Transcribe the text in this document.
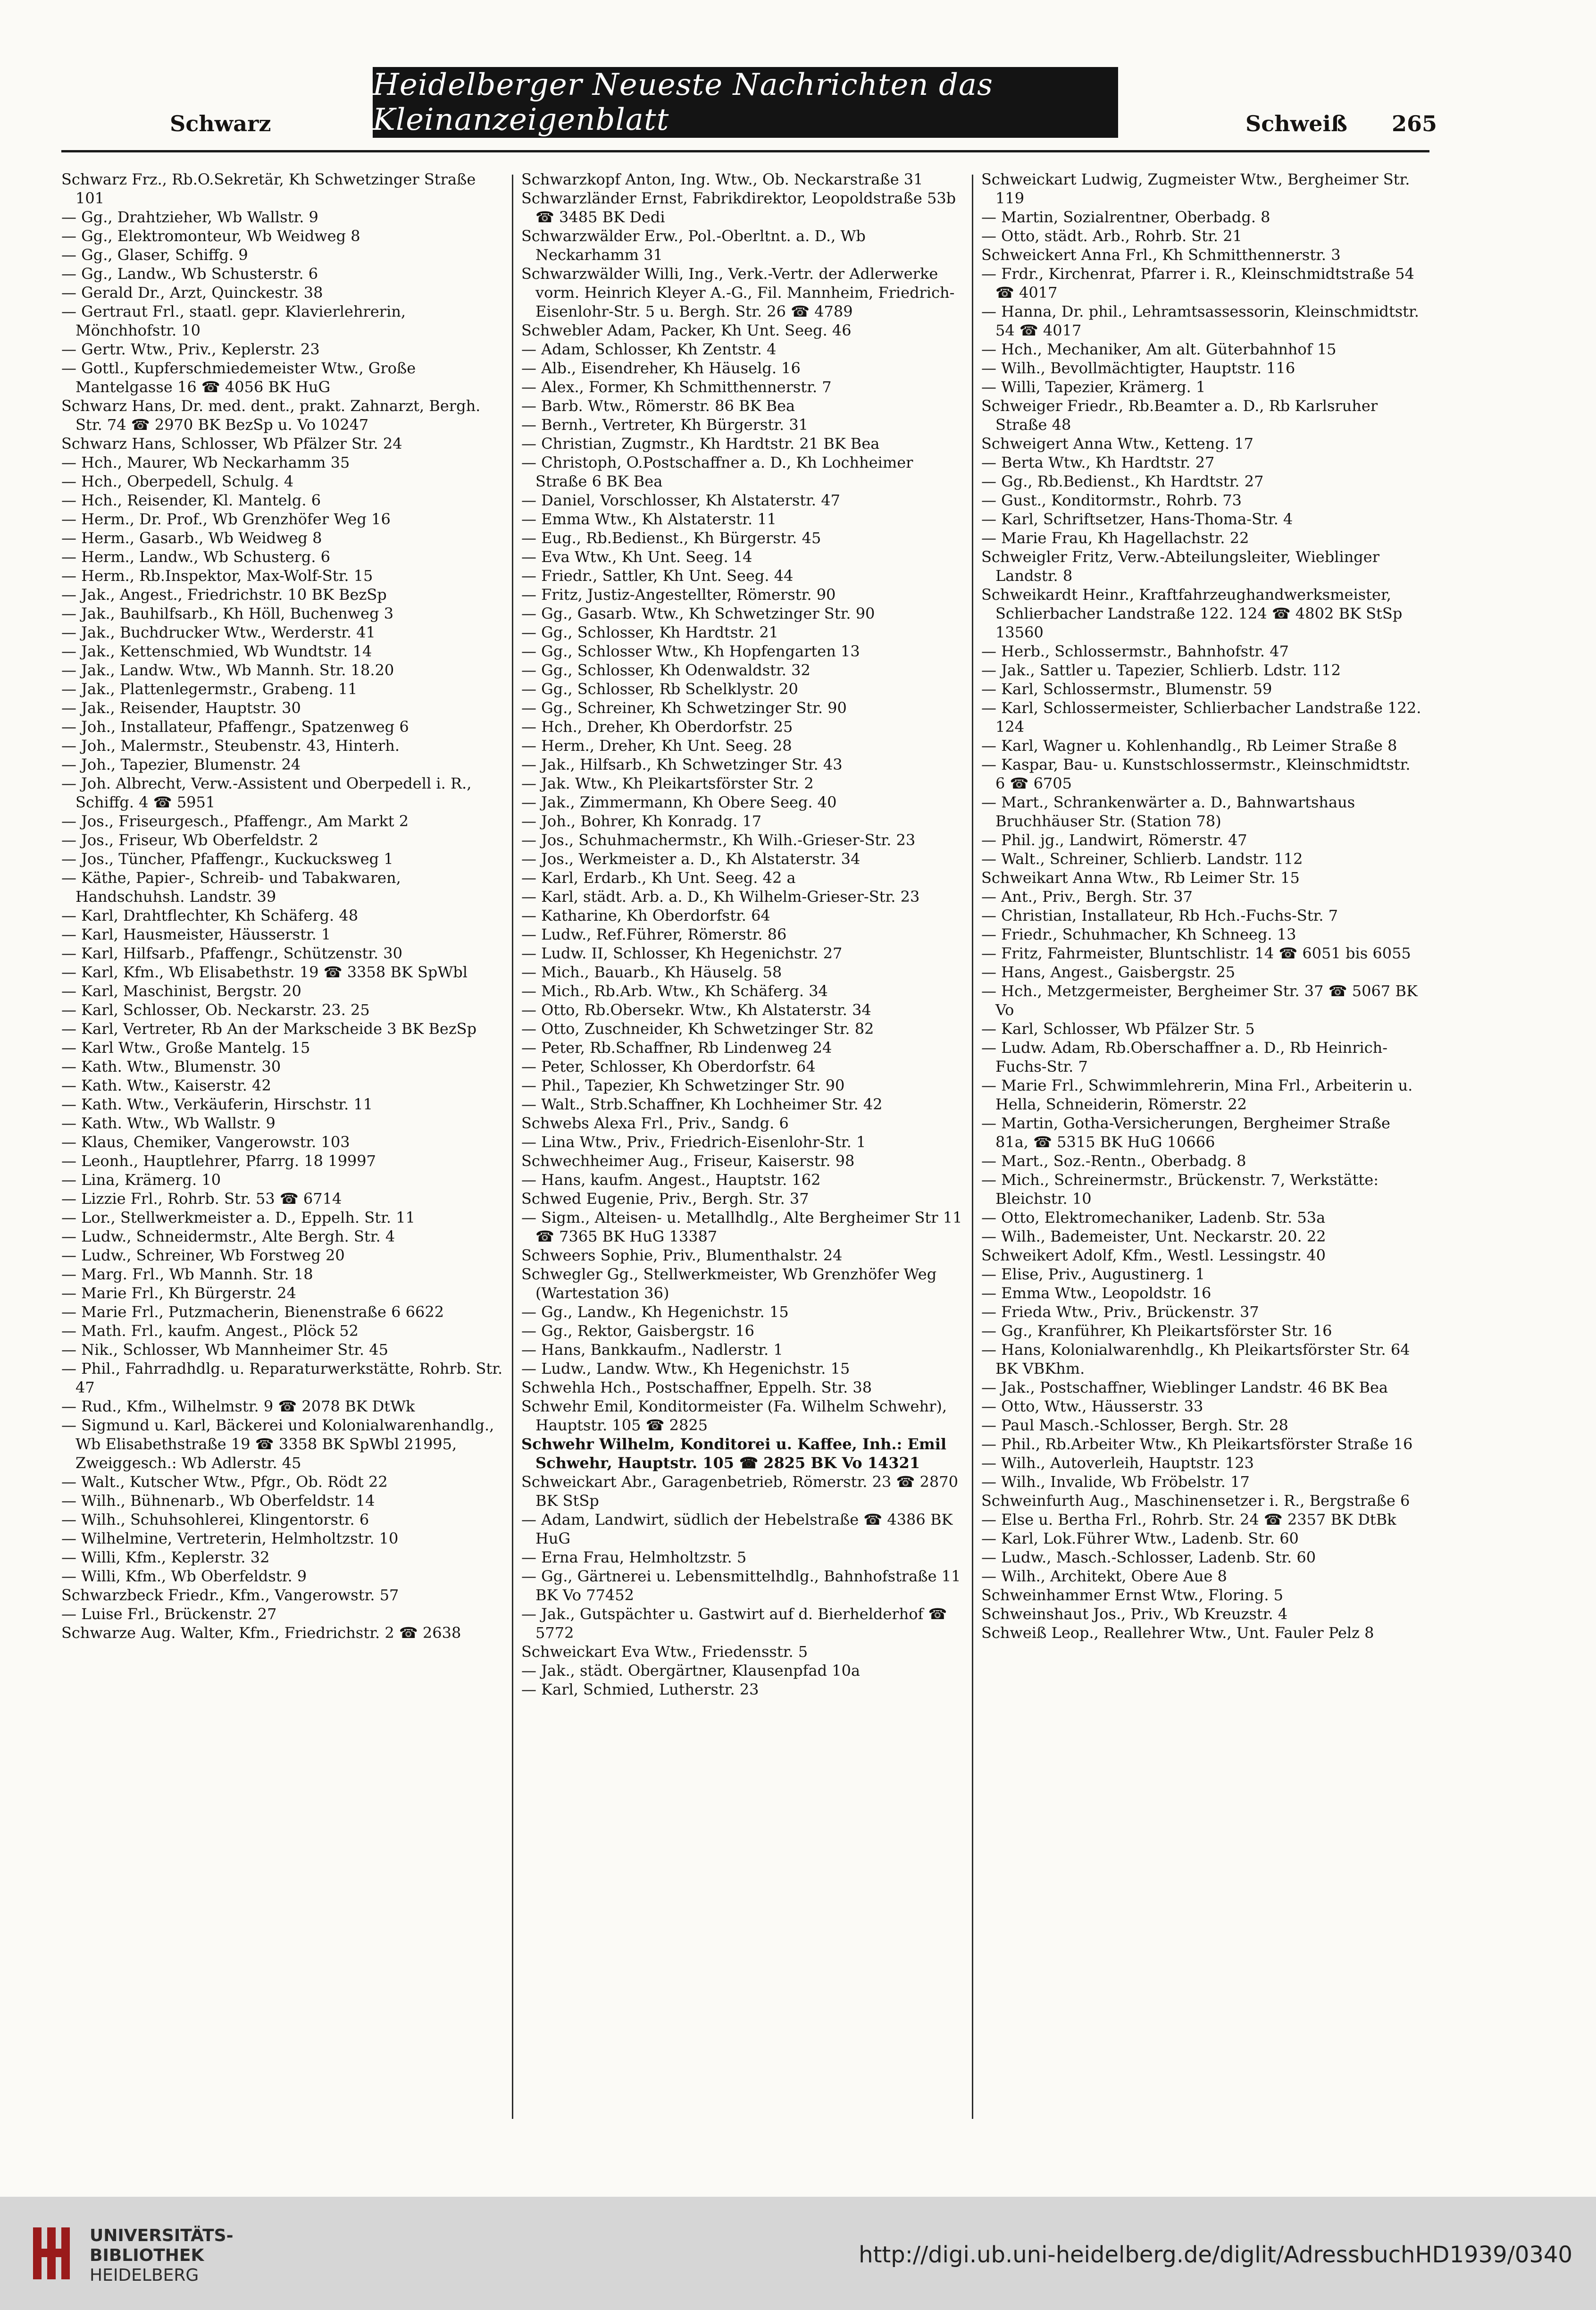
Heidelberger Neueste Nachrichten das Kleinanzeigenblatt
Schwarz	Schweiß 265
Schwarz Frz., Rb.O.Sekretär, Kh Schwetzinger Straße 101
— Gg., Drahtzieher, Wb Wallstr. 9
— Gg., Elektromonteur, Wb Weidweg 8
— Gg., Glaser, Schiffg. 9
— Gg., Landw., Wb Schusterstr. 6
— Gerald Dr., Arzt, Quinckestr. 38
— Gertraut Frl., staatl. gepr. Klavierlehrerin, Mönchhofstr. 10
— Gertr. Wtw., Priv., Keplerstr. 23
— Gottl., Kupferschmiedemeister Wtw., Große Mantelgasse 16 ☎ 4056 BK HuG
Schwarz Hans, Dr. med. dent., prakt. Zahnarzt, Bergh. Str. 74 ☎ 2970 BK BezSp u. Vo 10247
Schwarz Hans, Schlosser, Wb Pfälzer Str. 24
— Hch., Maurer, Wb Neckarhamm 35
— Hch., Oberpedell, Schulg. 4
— Hch., Reisender, Kl. Mantelg. 6
— Herm., Dr. Prof., Wb Grenzhöfer Weg 16
— Herm., Gasarb., Wb Weidweg 8
— Herm., Landw., Wb Schusterg. 6
— Herm., Rb.Inspektor, Max-Wolf-Str. 15
— Jak., Angest., Friedrichstr. 10 BK BezSp
— Jak., Bauhilfsarb., Kh Höll, Buchenweg 3
— Jak., Buchdrucker Wtw., Werderstr. 41
— Jak., Kettenschmied, Wb Wundtstr. 14
— Jak., Landw. Wtw., Wb Mannh. Str. 18.20
— Jak., Plattenlegermstr., Grabeng. 11
— Jak., Reisender, Hauptstr. 30
— Joh., Installateur, Pfaffengr., Spatzenweg 6
— Joh., Malermstr., Steubenstr. 43, Hinterh.
— Joh., Tapezier, Blumenstr. 24
— Joh. Albrecht, Verw.-Assistent und Oberpedell i. R., Schiffg. 4 ☎ 5951
— Jos., Friseurgesch., Pfaffengr., Am Markt 2
— Jos., Friseur, Wb Oberfeldstr. 2
— Jos., Tüncher, Pfaffengr., Kuckucksweg 1
— Käthe, Papier-, Schreib- und Tabakwaren, Handschuhsh. Landstr. 39
— Karl, Drahtflechter, Kh Schäferg. 48
— Karl, Hausmeister, Häusserstr. 1
— Karl, Hilfsarb., Pfaffengr., Schützenstr. 30
— Karl, Kfm., Wb Elisabethstr. 19 ☎ 3358 BK SpWbl
— Karl, Maschinist, Bergstr. 20
— Karl, Schlosser, Ob. Neckarstr. 23. 25
— Karl, Vertreter, Rb An der Markscheide 3 BK BezSp
— Karl Wtw., Große Mantelg. 15
— Kath. Wtw., Blumenstr. 30
— Kath. Wtw., Kaiserstr. 42
— Kath. Wtw., Verkäuferin, Hirschstr. 11
— Kath. Wtw., Wb Wallstr. 9
— Klaus, Chemiker, Vangerowstr. 103
— Leonh., Hauptlehrer, Pfarrg. 18 19997
— Lina, Krämerg. 10
— Lizzie Frl., Rohrb. Str. 53 ☎ 6714
— Lor., Stellwerkmeister a. D., Eppelh. Str. 11
— Ludw., Schneidermstr., Alte Bergh. Str. 4
— Ludw., Schreiner, Wb Forstweg 20
— Marg. Frl., Wb Mannh. Str. 18
— Marie Frl., Kh Bürgerstr. 24
— Marie Frl., Putzmacherin, Bienenstraße 6 6622
— Math. Frl., kaufm. Angest., Plöck 52
— Nik., Schlosser, Wb Mannheimer Str. 45
— Phil., Fahrradhdlg. u. Reparaturwerkstätte, Rohrb. Str. 47
— Rud., Kfm., Wilhelmstr. 9 ☎ 2078 BK DtWk
— Sigmund u. Karl, Bäckerei und Kolonialwarenhandlg., Wb Elisabethstraße 19 ☎ 3358 BK SpWbl 21995, Zweiggesch.: Wb Adlerstr. 45
— Walt., Kutscher Wtw., Pfgr., Ob. Rödt 22
— Wilh., Bühnenarb., Wb Oberfeldstr. 14
— Wilh., Schuhsohlerei, Klingentorstr. 6
— Wilhelmine, Vertreterin, Helmholtzstr. 10
— Willi, Kfm., Keplerstr. 32
— Willi, Kfm., Wb Oberfeldstr. 9
Schwarzbeck Friedr., Kfm., Vangerowstr. 57
— Luise Frl., Brückenstr. 27
Schwarze Aug. Walter, Kfm., Friedrichstr. 2 ☎ 2638
Schwarzkopf Anton, Ing. Wtw., Ob. Neckarstraße 31
Schwarzländer Ernst, Fabrikdirektor, Leopoldstraße 53b ☎ 3485 BK Dedi
Schwarzwälder Erw., Pol.-Oberltnt. a. D., Wb Neckarhamm 31
Schwarzwälder Willi, Ing., Verk.-Vertr. der Adlerwerke vorm. Heinrich Kleyer A.-G., Fil. Mannheim, Friedrich-Eisenlohr-Str. 5 u. Bergh. Str. 26 ☎ 4789
Schwebler Adam, Packer, Kh Unt. Seeg. 46
— Adam, Schlosser, Kh Zentstr. 4
— Alb., Eisendreher, Kh Häuselg. 16
— Alex., Former, Kh Schmitthennerstr. 7
— Barb. Wtw., Römerstr. 86 BK Bea
— Bernh., Vertreter, Kh Bürgerstr. 31
— Christian, Zugmstr., Kh Hardtstr. 21 BK Bea
— Christoph, O.Postschaffner a. D., Kh Lochheimer Straße 6 BK Bea
— Daniel, Vorschlosser, Kh Alstaterstr. 47
— Emma Wtw., Kh Alstaterstr. 11
— Eug., Rb.Bedienst., Kh Bürgerstr. 45
— Eva Wtw., Kh Unt. Seeg. 14
— Friedr., Sattler, Kh Unt. Seeg. 44
— Fritz, Justiz-Angestellter, Römerstr. 90
— Gg., Gasarb. Wtw., Kh Schwetzinger Str. 90
— Gg., Schlosser, Kh Hardtstr. 21
— Gg., Schlosser Wtw., Kh Hopfengarten 13
— Gg., Schlosser, Kh Odenwaldstr. 32
— Gg., Schlosser, Rb Schelklystr. 20
— Gg., Schreiner, Kh Schwetzinger Str. 90
— Hch., Dreher, Kh Oberdorfstr. 25
— Herm., Dreher, Kh Unt. Seeg. 28
— Jak., Hilfsarb., Kh Schwetzinger Str. 43
— Jak. Wtw., Kh Pleikartsförster Str. 2
— Jak., Zimmermann, Kh Obere Seeg. 40
— Joh., Bohrer, Kh Konradg. 17
— Jos., Schuhmachermstr., Kh Wilh.-Grieser-Str. 23
— Jos., Werkmeister a. D., Kh Alstaterstr. 34
— Karl, Erdarb., Kh Unt. Seeg. 42 a
— Karl, städt. Arb. a. D., Kh Wilhelm-Grieser-Str. 23
— Katharine, Kh Oberdorfstr. 64
— Ludw., Ref.Führer, Römerstr. 86
— Ludw. II, Schlosser, Kh Hegenichstr. 27
— Mich., Bauarb., Kh Häuselg. 58
— Mich., Rb.Arb. Wtw., Kh Schäferg. 34
— Otto, Rb.Obersekr. Wtw., Kh Alstaterstr. 34
— Otto, Zuschneider, Kh Schwetzinger Str. 82
— Peter, Rb.Schaffner, Rb Lindenweg 24
— Peter, Schlosser, Kh Oberdorfstr. 64
— Phil., Tapezier, Kh Schwetzinger Str. 90
— Walt., Strb.Schaffner, Kh Lochheimer Str. 42
Schwebs Alexa Frl., Priv., Sandg. 6
— Lina Wtw., Priv., Friedrich-Eisenlohr-Str. 1
Schwechheimer Aug., Friseur, Kaiserstr. 98
— Hans, kaufm. Angest., Hauptstr. 162
Schwed Eugenie, Priv., Bergh. Str. 37
— Sigm., Alteisen- u. Metallhdlg., Alte Bergheimer Str 11 ☎ 7365 BK HuG 13387
Schweers Sophie, Priv., Blumenthalstr. 24
Schwegler Gg., Stellwerkmeister, Wb Grenzhöfer Weg (Wartestation 36)
— Gg., Landw., Kh Hegenichstr. 15
— Gg., Rektor, Gaisbergstr. 16
— Hans, Bankkaufm., Nadlerstr. 1
— Ludw., Landw. Wtw., Kh Hegenichstr. 15
Schwehla Hch., Postschaffner, Eppelh. Str. 38
Schwehr Emil, Konditormeister (Fa. Wilhelm Schwehr), Hauptstr. 105 ☎ 2825
Schwehr Wilhelm, Konditorei u. Kaffee, Inh.: Emil Schwehr, Hauptstr. 105 ☎ 2825 BK Vo 14321
Schweickart Abr., Garagenbetrieb, Römerstr. 23 ☎ 2870 BK StSp
— Adam, Landwirt, südlich der Hebelstraße ☎ 4386 BK HuG
— Erna Frau, Helmholtzstr. 5
— Gg., Gärtnerei u. Lebensmittelhdlg., Bahnhofstraße 11 BK Vo 77452
— Jak., Gutspächter u. Gastwirt auf d. Bierhelderhof ☎ 5772
Schweickart Eva Wtw., Friedensstr. 5
— Jak., städt. Obergärtner, Klausenpfad 10a
— Karl, Schmied, Lutherstr. 23
Schweickart Ludwig, Zugmeister Wtw., Bergheimer Str. 119
— Martin, Sozialrentner, Oberbadg. 8
— Otto, städt. Arb., Rohrb. Str. 21
Schweickert Anna Frl., Kh Schmitthennerstr. 3
— Frdr., Kirchenrat, Pfarrer i. R., Kleinschmidtstraße 54 ☎ 4017
— Hanna, Dr. phil., Lehramtsassessorin, Kleinschmidtstr. 54 ☎ 4017
— Hch., Mechaniker, Am alt. Güterbahnhof 15
— Wilh., Bevollmächtigter, Hauptstr. 116
— Willi, Tapezier, Krämerg. 1
Schweiger Friedr., Rb.Beamter a. D., Rb Karlsruher Straße 48
Schweigert Anna Wtw., Ketteng. 17
— Berta Wtw., Kh Hardtstr. 27
— Gg., Rb.Bedienst., Kh Hardtstr. 27
— Gust., Konditormstr., Rohrb. 73
— Karl, Schriftsetzer, Hans-Thoma-Str. 4
— Marie Frau, Kh Hagellachstr. 22
Schweigler Fritz, Verw.-Abteilungsleiter, Wieblinger Landstr. 8
Schweikardt Heinr., Kraftfahrzeughandwerksmeister, Schlierbacher Landstraße 122. 124 ☎ 4802 BK StSp 13560
— Herb., Schlossermstr., Bahnhofstr. 47
— Jak., Sattler u. Tapezier, Schlierb. Ldstr. 112
— Karl, Schlossermstr., Blumenstr. 59
— Karl, Schlossermeister, Schlierbacher Landstraße 122. 124
— Karl, Wagner u. Kohlenhandlg., Rb Leimer Straße 8
— Kaspar, Bau- u. Kunstschlossermstr., Kleinschmidtstr. 6 ☎ 6705
— Mart., Schrankenwärter a. D., Bahnwartshaus Bruchhäuser Str. (Station 78)
— Phil. jg., Landwirt, Römerstr. 47
— Walt., Schreiner, Schlierb. Landstr. 112
Schweikart Anna Wtw., Rb Leimer Str. 15
— Ant., Priv., Bergh. Str. 37
— Christian, Installateur, Rb Hch.-Fuchs-Str. 7
— Friedr., Schuhmacher, Kh Schneeg. 13
— Fritz, Fahrmeister, Bluntschlistr. 14 ☎ 6051 bis 6055
— Hans, Angest., Gaisbergstr. 25
— Hch., Metzgermeister, Bergheimer Str. 37 ☎ 5067 BK Vo
— Karl, Schlosser, Wb Pfälzer Str. 5
— Ludw. Adam, Rb.Oberschaffner a. D., Rb Heinrich-Fuchs-Str. 7
— Marie Frl., Schwimmlehrerin, Mina Frl., Arbeiterin u. Hella, Schneiderin, Römerstr. 22
— Martin, Gotha-Versicherungen, Bergheimer Straße 81a, ☎ 5315 BK HuG 10666
— Mart., Soz.-Rentn., Oberbadg. 8
— Mich., Schreinermstr., Brückenstr. 7, Werkstätte: Bleichstr. 10
— Otto, Elektromechaniker, Ladenb. Str. 53a
— Wilh., Bademeister, Unt. Neckarstr. 20. 22
Schweikert Adolf, Kfm., Westl. Lessingstr. 40
— Elise, Priv., Augustinerg. 1
— Emma Wtw., Leopoldstr. 16
— Frieda Wtw., Priv., Brückenstr. 37
— Gg., Kranführer, Kh Pleikartsförster Str. 16
— Hans, Kolonialwarenhdlg., Kh Pleikartsförster Str. 64 BK VBKhm.
— Jak., Postschaffner, Wieblinger Landstr. 46 BK Bea
— Otto, Wtw., Häusserstr. 33
— Paul Masch.-Schlosser, Bergh. Str. 28
— Phil., Rb.Arbeiter Wtw., Kh Pleikartsförster Straße 16
— Wilh., Autoverleih, Hauptstr. 123
— Wilh., Invalide, Wb Fröbelstr. 17
Schweinfurth Aug., Maschinensetzer i. R., Bergstraße 6
— Else u. Bertha Frl., Rohrb. Str. 24 ☎ 2357 BK DtBk
— Karl, Lok.Führer Wtw., Ladenb. Str. 60
— Ludw., Masch.-Schlosser, Ladenb. Str. 60
— Wilh., Architekt, Obere Aue 8
Schweinhammer Ernst Wtw., Floring. 5
Schweinshaut Jos., Priv., Wb Kreuzstr. 4
Schweiß Leop., Reallehrer Wtw., Unt. Fauler Pelz 8
UNIVERSITÄTS-
BIBLIOTHEK
HEIDELBERG
http://digi.ub.uni-heidelberg.de/diglit/AdressbuchHD1939/0340
